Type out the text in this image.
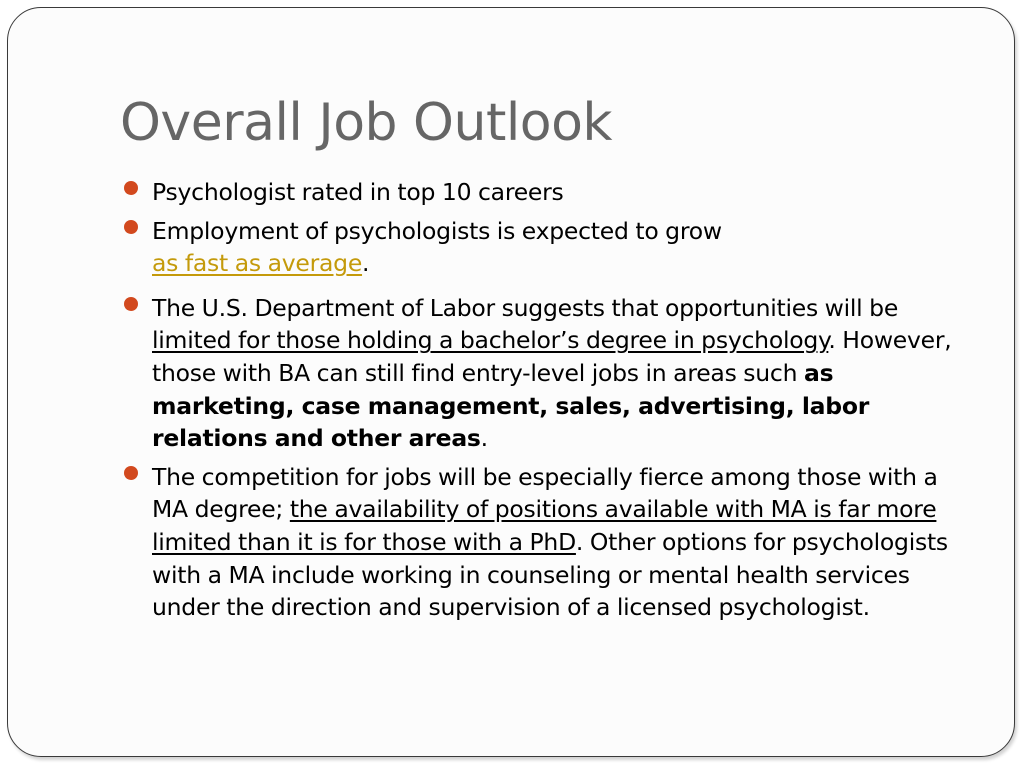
Overall Job Outlook
Psychologist rated in top 10 careers
Employment of psychologists is expected to grow
as fast as average.
The U.S. Department of Labor suggests that opportunities will be limited for those holding a bachelor’s degree in psychology. However, those with BA can still find entry-level jobs in areas such as marketing, case management, sales, advertising, labor relations and other areas.
The competition for jobs will be especially fierce among those with a MA degree; the availability of positions available with MA is far more limited than it is for those with a PhD. Other options for psychologists with a MA include working in counseling or mental health services under the direction and supervision of a licensed psychologist.
